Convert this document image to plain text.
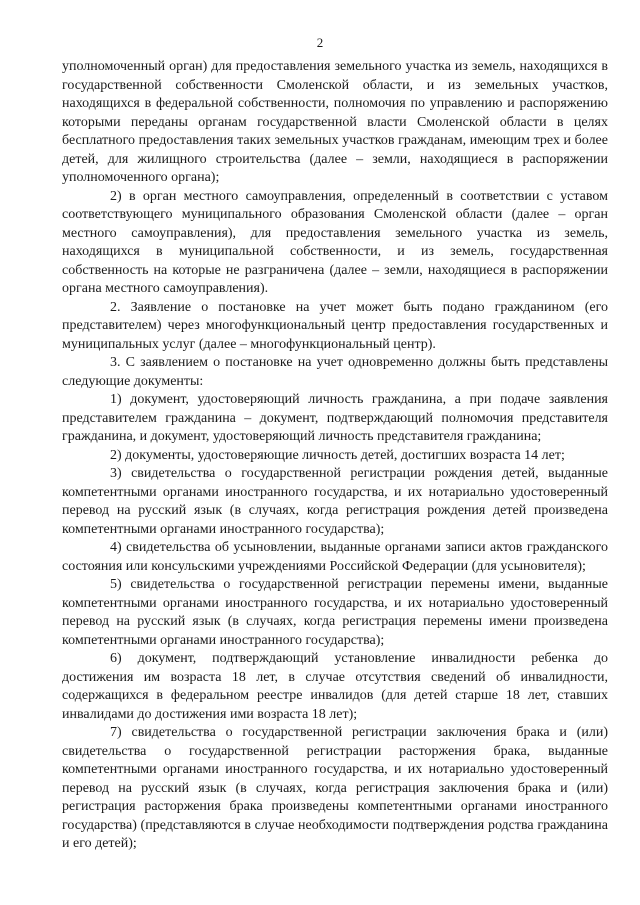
2

уполномоченный орган) для предоставления земельного участка из земель, находящихся в государственной собственности Смоленской области, и из земельных участков, находящихся в федеральной собственности, полномочия по управлению и распоряжению которыми переданы органам государственной власти Смоленской области в целях бесплатного предоставления таких земельных участков гражданам, имеющим трех и более детей, для жилищного строительства (далее – земли, находящиеся в распоряжении уполномоченного органа);

2) в орган местного самоуправления, определенный в соответствии с уставом соответствующего муниципального образования Смоленской области (далее – орган местного самоуправления), для предоставления земельного участка из земель, находящихся в муниципальной собственности, и из земель, государственная собственность на которые не разграничена (далее – земли, находящиеся в распоряжении органа местного самоуправления).

2. Заявление о постановке на учет может быть подано гражданином (его представителем) через многофункциональный центр предоставления государственных и муниципальных услуг (далее – многофункциональный центр).

3. С заявлением о постановке на учет одновременно должны быть представлены следующие документы:

1) документ, удостоверяющий личность гражданина, а при подаче заявления представителем гражданина – документ, подтверждающий полномочия представителя гражданина, и документ, удостоверяющий личность представителя гражданина;

2) документы, удостоверяющие личность детей, достигших возраста 14 лет;

3) свидетельства о государственной регистрации рождения детей, выданные компетентными органами иностранного государства, и их нотариально удостоверенный перевод на русский язык (в случаях, когда регистрация рождения детей произведена компетентными органами иностранного государства);

4) свидетельства об усыновлении, выданные органами записи актов гражданского состояния или консульскими учреждениями Российской Федерации (для усыновителя);

5) свидетельства о государственной регистрации перемены имени, выданные компетентными органами иностранного государства, и их нотариально удостоверенный перевод на русский язык (в случаях, когда регистрация перемены имени произведена компетентными органами иностранного государства);

6) документ, подтверждающий установление инвалидности ребенка до достижения им возраста 18 лет, в случае отсутствия сведений об инвалидности, содержащихся в федеральном реестре инвалидов (для детей старше 18 лет, ставших инвалидами до достижения ими возраста 18 лет);

7) свидетельства о государственной регистрации заключения брака и (или) свидетельства о государственной регистрации расторжения брака, выданные компетентными органами иностранного государства, и их нотариально удостоверенный перевод на русский язык (в случаях, когда регистрация заключения брака и (или) регистрация расторжения брака произведены компетентными органами иностранного государства) (представляются в случае необходимости подтверждения родства гражданина и его детей);
